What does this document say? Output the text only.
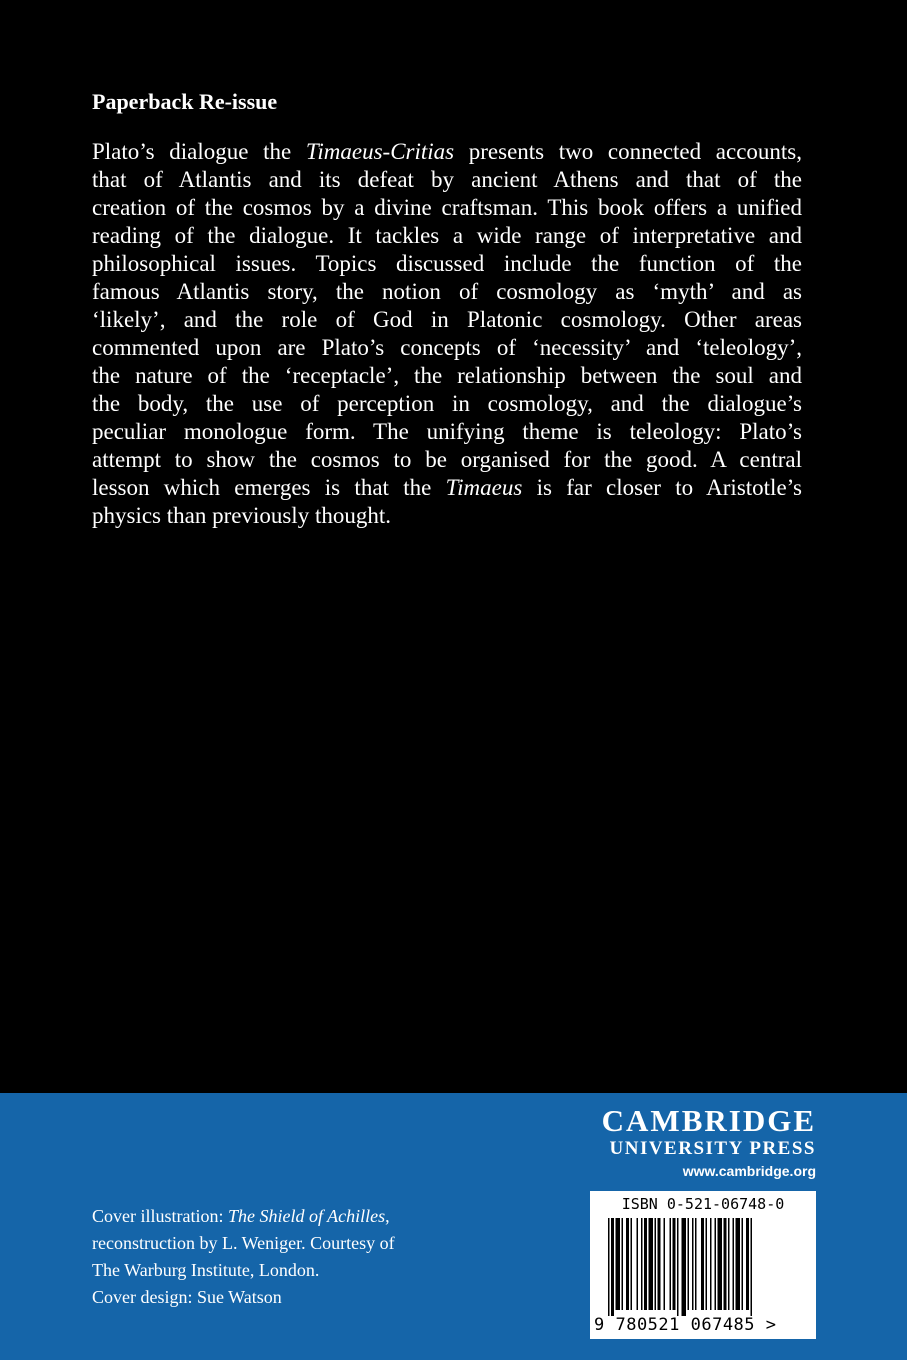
Paperback Re-issue
Plato’s dialogue the Timaeus-Critias presents two connected accounts,
that of Atlantis and its defeat by ancient Athens and that of the
creation of the cosmos by a divine craftsman. This book offers a unified
reading of the dialogue. It tackles a wide range of interpretative and
philosophical issues. Topics discussed include the function of the
famous Atlantis story, the notion of cosmology as ‘myth’ and as
‘likely’, and the role of God in Platonic cosmology. Other areas
commented upon are Plato’s concepts of ‘necessity’ and ‘teleology’,
the nature of the ‘receptacle’, the relationship between the soul and
the body, the use of perception in cosmology, and the dialogue’s
peculiar monologue form. The unifying theme is teleology: Plato’s
attempt to show the cosmos to be organised for the good. A central
lesson which emerges is that the Timaeus is far closer to Aristotle’s
physics than previously thought.
CAMBRIDGE
UNIVERSITY PRESS
www.cambridge.org
Cover illustration: The Shield of Achilles,
reconstruction by L. Weniger. Courtesy of
The Warburg Institute, London.
Cover design: Sue Watson
ISBN 0-521-06748-0
9 780521 067485 >
